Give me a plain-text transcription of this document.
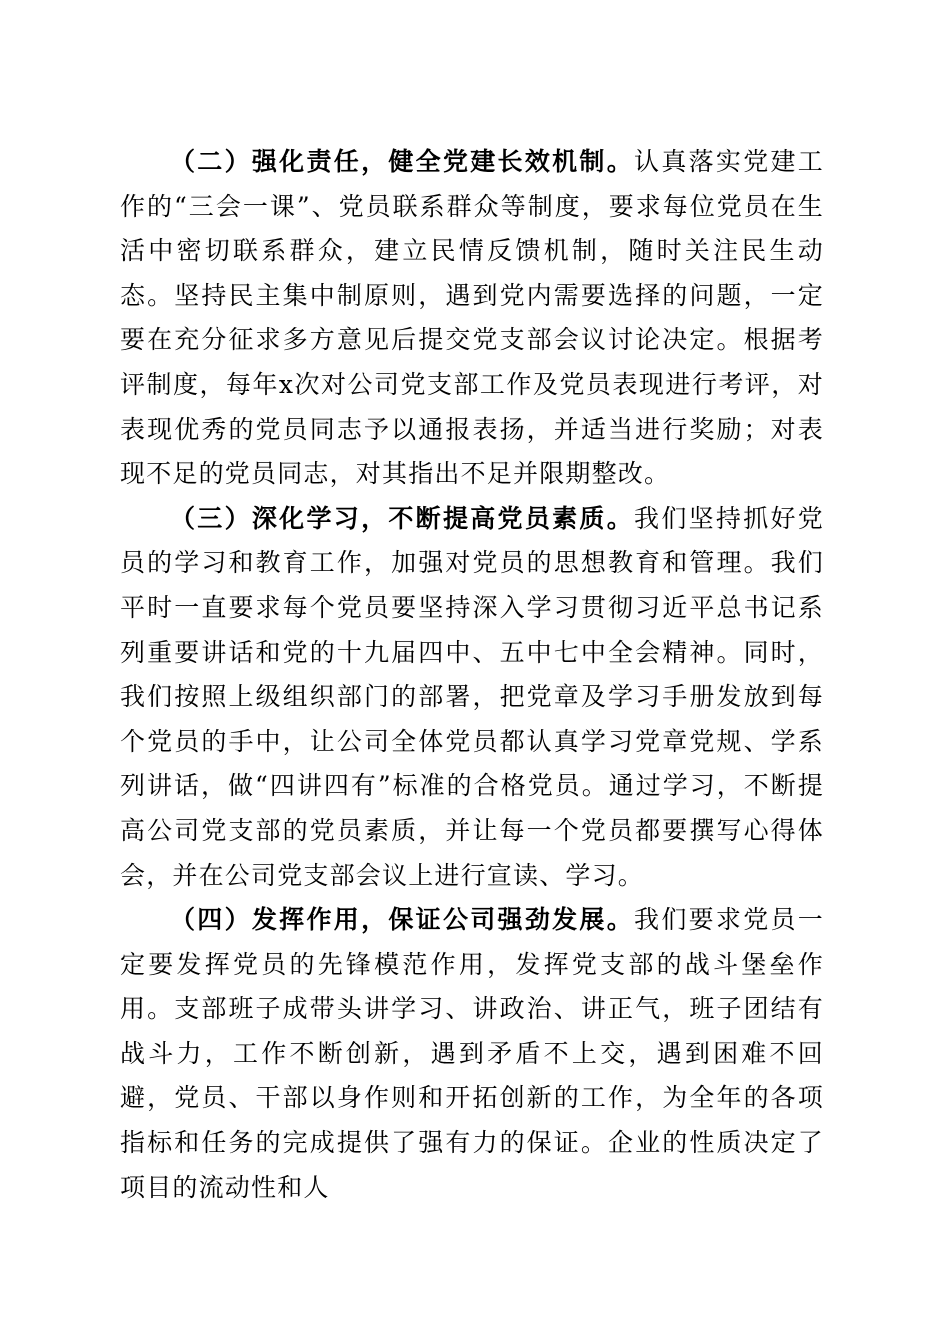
（二）强化责任，健全党建长效机制。认真落实党建工作的“三会一课”、党员联系群众等制度，要求每位党员在生活中密切联系群众，建立民情反馈机制，随时关注民生动态。坚持民主集中制原则，遇到党内需要选择的问题，一定要在充分征求多方意见后提交党支部会议讨论决定。根据考评制度，每年x次对公司党支部工作及党员表现进行考评，对表现优秀的党员同志予以通报表扬，并适当进行奖励；对表现不足的党员同志，对其指出不足并限期整改。

（三）深化学习，不断提高党员素质。我们坚持抓好党员的学习和教育工作，加强对党员的思想教育和管理。我们平时一直要求每个党员要坚持深入学习贯彻习近平总书记系列重要讲话和党的十九届四中、五中七中全会精神。同时，我们按照上级组织部门的部署，把党章及学习手册发放到每个党员的手中，让公司全体党员都认真学习党章党规、学系列讲话，做“四讲四有”标准的合格党员。通过学习，不断提高公司党支部的党员素质，并让每一个党员都要撰写心得体会，并在公司党支部会议上进行宣读、学习。

（四）发挥作用，保证公司强劲发展。我们要求党员一定要发挥党员的先锋模范作用，发挥党支部的战斗堡垒作用。支部班子成带头讲学习、讲政治、讲正气，班子团结有战斗力，工作不断创新，遇到矛盾不上交，遇到困难不回避，党员、干部以身作则和开拓创新的工作，为全年的各项指标和任务的完成提供了强有力的保证。企业的性质决定了项目的流动性和人
